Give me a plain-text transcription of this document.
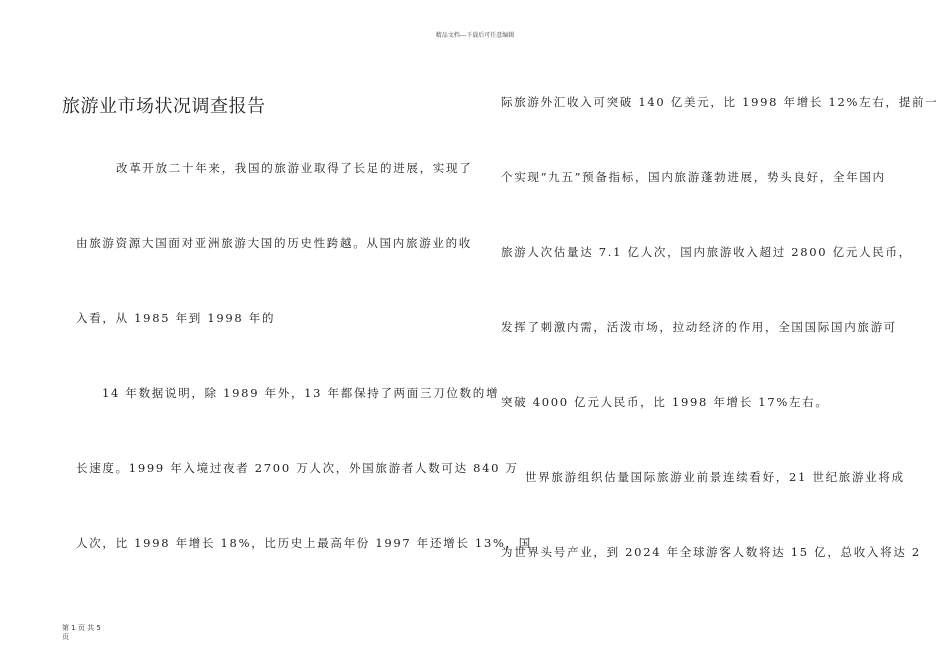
精品文档---下载后可任意编辑
旅游业市场状况调查报告
改革开放二十年来，我国的旅游业取得了长足的进展，实现了
由旅游资源大国面对亚洲旅游大国的历史性跨越。从国内旅游业的收
入看，从 1985 年到 1998 年的
14 年数据说明，除 1989 年外，13 年都保持了两面三刀位数的增
长速度。1999 年入境过夜者 2700 万人次，外国旅游者人数可达 840 万
人次，比 1998 年增长 18%，比历史上最高年份 1997 年还增长 13%，国
际旅游外汇收入可突破 140 亿美元，比 1998 年增长 12%左右，提前一
个实现“九五”预备指标，国内旅游蓬勃进展，势头良好，全年国内
旅游人次估量达 7.1 亿人次，国内旅游收入超过 2800 亿元人民币，
发挥了刺激内需，活泼市场，拉动经济的作用，全国国际国内旅游可
突破 4000 亿元人民币，比 1998 年增长 17%左右。
世界旅游组织估量国际旅游业前景连续看好，21 世纪旅游业将成
为世界头号产业，到 2024 年全球游客人数将达 15 亿，总收入将达 2
第 1 页 共 5
页
